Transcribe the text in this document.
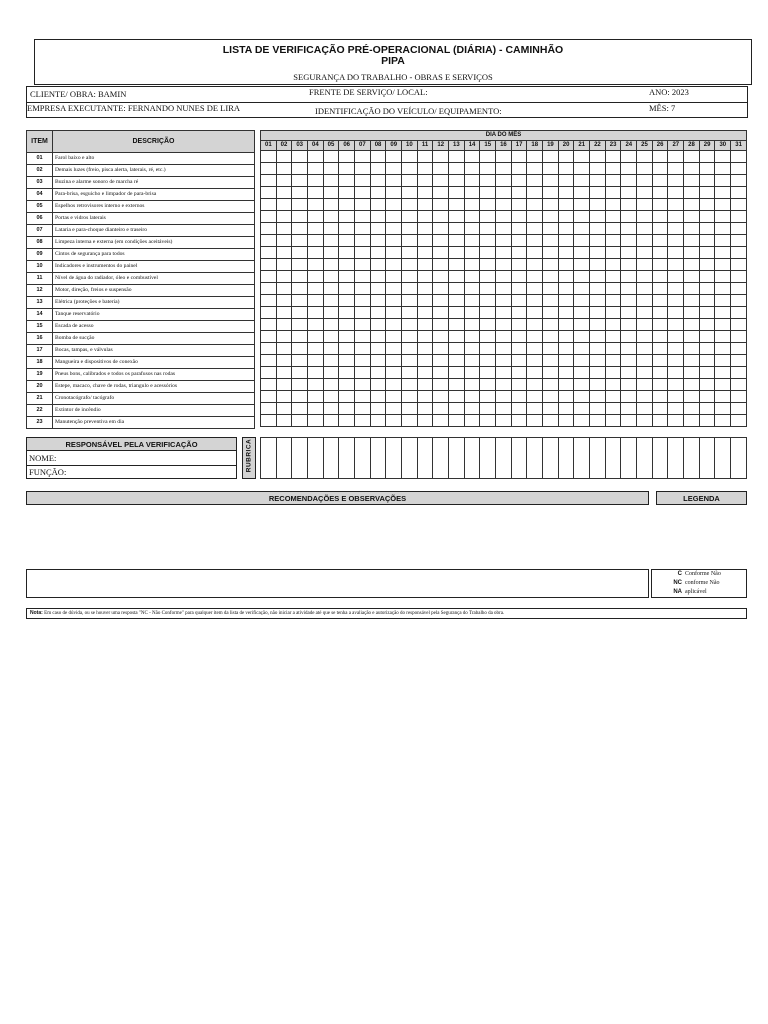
LISTA DE VERIFICAÇÃO PRÉ-OPERACIONAL (DIÁRIA) - CAMINHÃO
PIPA
SEGURANÇA DO TRABALHO - OBRAS E SERVIÇOS
CLIENTE/ OBRA: BAMIN	FRENTE DE SERVIÇO/ LOCAL:	ANO: 2023
EMPRESA EXECUTANTE: FERNANDO NUNES DE LIRA	IDENTIFICAÇÃO DO VEÍCULO/ EQUIPAMENTO:	MÊS: 7
ITEM	DESCRIÇÃO
01	Farol baixo e alto
02	Demais luzes (freio, pisca alerta, laterais, ré, etc.)
03	Buzina e alarme sonoro de marcha ré
04	Para-brisa, esguicho e limpador de para-brisa
05	Espelhos retrovisores interno e externos
06	Portas e vidros laterais
07	Lataria e para-choque dianteiro e traseiro
08	Limpeza interna e externa (em condições aceitáveis)
09	Cintos de segurança para todos
10	Indicadores e instrumentos do painel
11	Nível de água do radiador, óleo e combustível
12	Motor, direção, freios e suspensão
13	Elétrica (proteções e bateria)
14	Tanque reservatório
15	Escada de acesso
16	Bomba de sucção
17	Bocas, tampas, e válvulas
18	Mangueira e dispositivos de conexão
19	Pneus bons, calibrados e todos os parafusos nas rodas
20	Estepe, macaco, chave de rodas, triangulo e acessórios
21	Cronotacógrafo/ tacógrafo
22	Extintor de incêndio
23	Manutenção preventiva em dia
DIA DO MÊS																														
01	02	03	04	05	06	07	08	09	10	11	12	13	14	15	16	17	18	19	20	21	22	23	24	25	26	27	28	29	30	31

RESPONSÁVEL PELA VERIFICAÇÃO
NOME:
FUNÇÃO:	RUBRICA

RECOMENDAÇÕES E OBSERVAÇÕES	LEGENDA
C Conforme Não
NC conforme Não
NA aplicável
Nota: Em caso de dúvida, ou se houver uma resposta "NC - Não Conforme" para qualquer item da lista de verificação, não iniciar a atividade até que se tenha a avaliação e autorização do responsável pela Segurança do Trabalho da obra.
